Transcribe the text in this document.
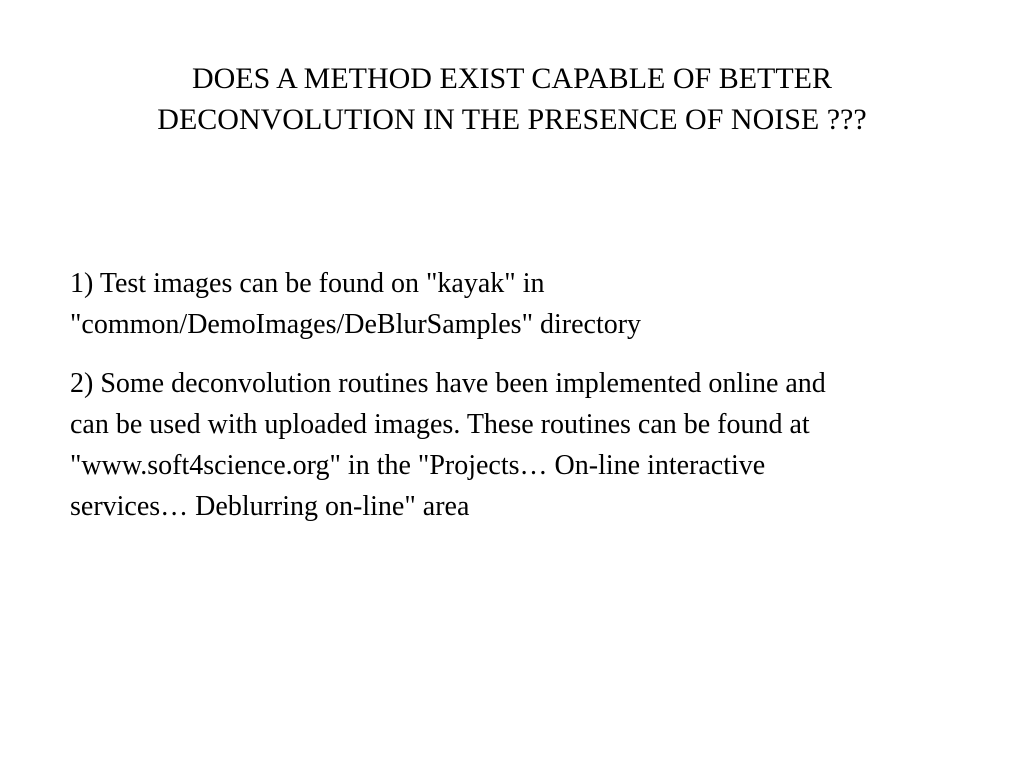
DOES A METHOD EXIST CAPABLE OF BETTER
DECONVOLUTION IN THE PRESENCE OF NOISE ???
1) Test images can be found on "kayak" in "common/DemoImages/DeBlurSamples" directory
2) Some deconvolution routines have been implemented online and can be used with uploaded images. These routines can be found at "www.soft4science.org" in the "Projects… On-line interactive services… Deblurring on-line" area
